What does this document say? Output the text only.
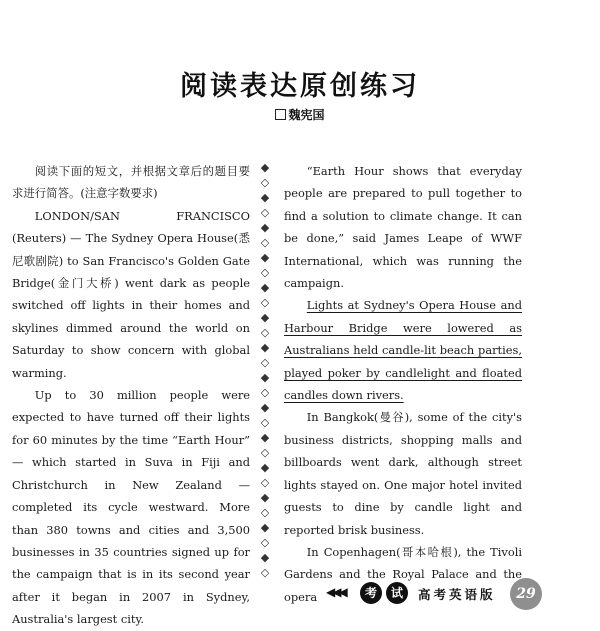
阅读表达原创练习
魏宪国

阅读下面的短文，并根据文章后的题目要求进行简答。(注意字数要求)

LONDON/SAN FRANCISCO (Reuters) — The Sydney Opera House(悉尼歌剧院) to San Francisco's Golden Gate Bridge(金门大桥) went dark as people switched off lights in their homes and skylines dimmed around the world on Saturday to show concern with global warming.

Up to 30 million people were expected to have turned off their lights for 60 minutes by the time “Earth Hour” — which started in Suva in Fiji and Christchurch in New Zealand — completed its cycle westward. More than 380 towns and cities and 3,500 businesses in 35 countries signed up for the campaign that is in its second year after it began in 2007 in Sydney, Australia's largest city.

◆
◇
◆
◇
◆
◇
◆
◇
◆
◇
◆
◇
◆
◇
◆
◇
◆
◇
◆
◇
◆
◇
◆
◇
◆
◇
◆
◇

“Earth Hour shows that everyday people are prepared to pull together to find a solution to climate change. It can be done,” said James Leape of WWF International, which was running the campaign.

Lights at Sydney's Opera House and Harbour Bridge were lowered as Australians held candle-lit beach parties, played poker by candlelight and floated candles down rivers.

In Bangkok(曼谷), some of the city's business districts, shopping malls and billboards went dark, although street lights stayed on. One major hotel invited guests to dine by candle light and reported brisk business.

In Copenhagen(哥本哈根), the Tivoli Gardens and the Royal Palace and the opera ◀◀◀	考	试	高考英语版	29
